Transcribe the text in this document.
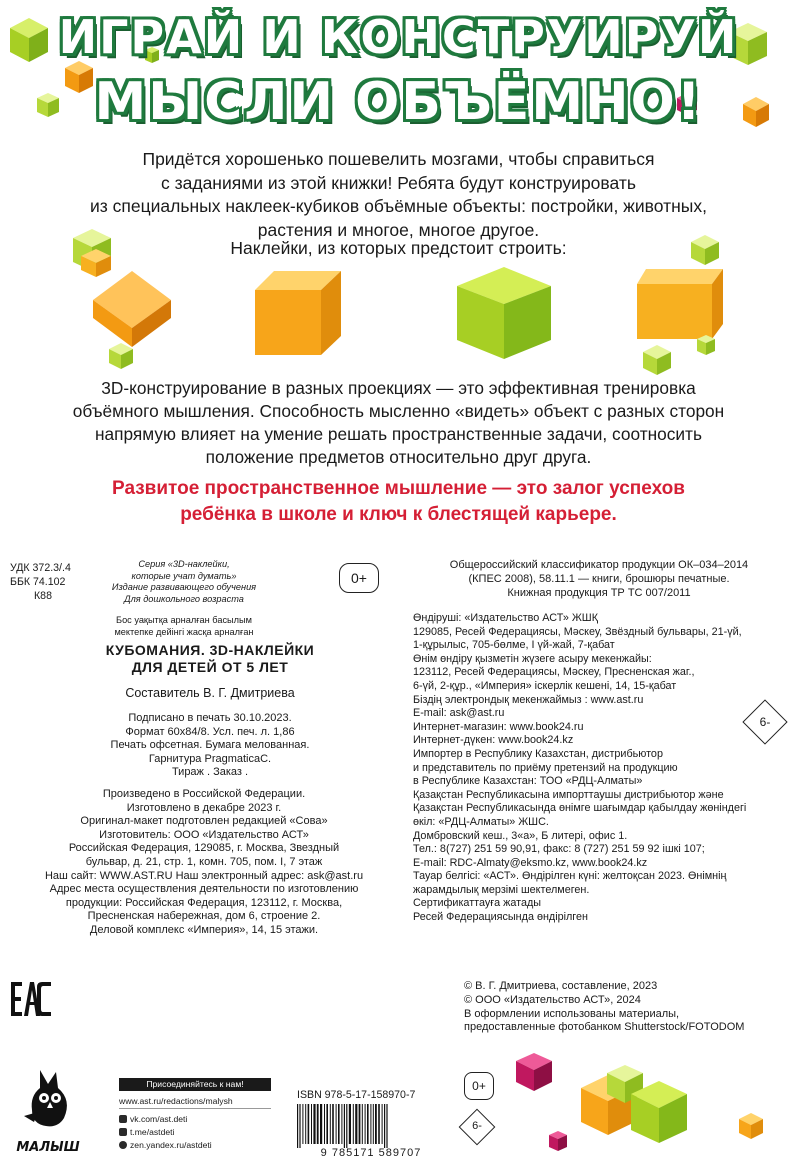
ИГРАЙ И КОНСТРУИРУЙ
МЫСЛИ ОБЪЁМНО!
Придётся хорошенько пошевелить мозгами, чтобы справиться
с заданиями из этой книжки! Ребята будут конструировать
из специальных наклеек-кубиков объёмные объекты: постройки, животных,
растения и многое, многое другое.
Наклейки, из которых предстоит строить:
3D-конструирование в разных проекциях — это эффективная тренировка
объёмного мышления. Способность мысленно «видеть» объект с разных сторон
напрямую влияет на умение решать пространственные задачи, соотносить
положение предметов относительно друг друга.
Развитое пространственное мышление — это залог успехов
ребёнка в школе и ключ к блестящей карьере.
УДК 372.3/.4
ББК 74.102
К88
Серия «3D-наклейки,
которые учат думать»
Издание развивающего обучения
Для дошкольного возраста
Бос уақытқа арналған басылым
мектепке дейінгі жасқа арналған
0+
КУБОМАНИЯ. 3D-НАКЛЕЙКИ
ДЛЯ ДЕТЕЙ ОТ 5 ЛЕТ
Составитель В. Г. Дмитриева
Подписано в печать 30.10.2023.
Формат 60x84/8. Усл. печ. л. 1,86
Печать офсетная. Бумага мелованная.
Гарнитура PragmaticaC.
Тираж . Заказ .
Произведено в Российской Федерации.
Изготовлено в декабре 2023 г.
Оригинал-макет подготовлен редакцией «Сова»
Изготовитель: ООО «Издательство АСТ»
Российская Федерация, 129085, г. Москва, Звездный
бульвар, д. 21, стр. 1, комн. 705, пом. I, 7 этаж
Наш сайт: WWW.AST.RU Наш электронный адрес: ask@ast.ru
Адрес места осуществления деятельности по изготовлению
продукции: Российская Федерация, 123112, г. Москва,
Пресненская набережная, дом 6, строение 2.
Деловой комплекс «Империя», 14, 15 этажи.
Общероссийский классификатор продукции ОК–034–2014
(КПЕС 2008), 58.11.1 — книги, брошюры печатные.
Книжная продукция ТР ТС 007/2011
Өндіруші: «Издательство АСТ» ЖШҚ
129085, Ресей Федерациясы, Мәскеу, Звёздный бульвары, 21-үй,
1-құрылыс, 705-бөлме, I үй-жай, 7-қабат
Өнім өндіру қызметін жүзеге асыру мекенжайы:
123112, Ресей Федерациясы, Мәскеу, Пресненская жаг.,
6-үй, 2-құр., «Империя» іскерлік кешені, 14, 15-қабат
Біздің электрондық мекенжаймыз : www.ast.ru
E-mail: ask@ast.ru
Интернет-магазин: www.book24.ru
Интернет-дүкен: www.book24.kz
Импортер в Республику Казахстан, дистрибьютор
и представитель по приёму претензий на продукцию
в Республике Казахстан: ТОО «РДЦ-Алматы»
Қазақстан Республикасына импорттаушы дистрибьютор және
Қазақстан Республикасында өнімге шағымдар қабылдау жөніндегі
өкіл: «РДЦ-Алматы» ЖШС.
Домбровский кеш., 3«а», Б литері, офис 1.
Тел.: 8(727) 251 59 90,91, факс: 8 (727) 251 59 92 ішкі 107;
E-mail: RDC-Almaty@eksmo.kz, www.book24.kz
Тауар белгісі: «АСТ». Өндірілген күні: желтоқсан 2023. Өнімнің
жарамдылық мерзімі шектелмеген.
Сертификаттауға жатады
Ресей Федерациясында өндірілген
6-
EAC	© В. Г. Дмитриева, составление, 2023
© ООО «Издательство АСТ», 2024
В оформлении использованы материалы,
предоставленные фотобанком Shutterstock/FOTODOM
МАЛЫШ
Присоединяйтесь к нам!
www.ast.ru/redactions/malysh
vk.com/ast.deti
t.me/astdeti
zen.yandex.ru/astdeti
ISBN 978-5-17-158970-7
9 785171 589707
0+
6-
